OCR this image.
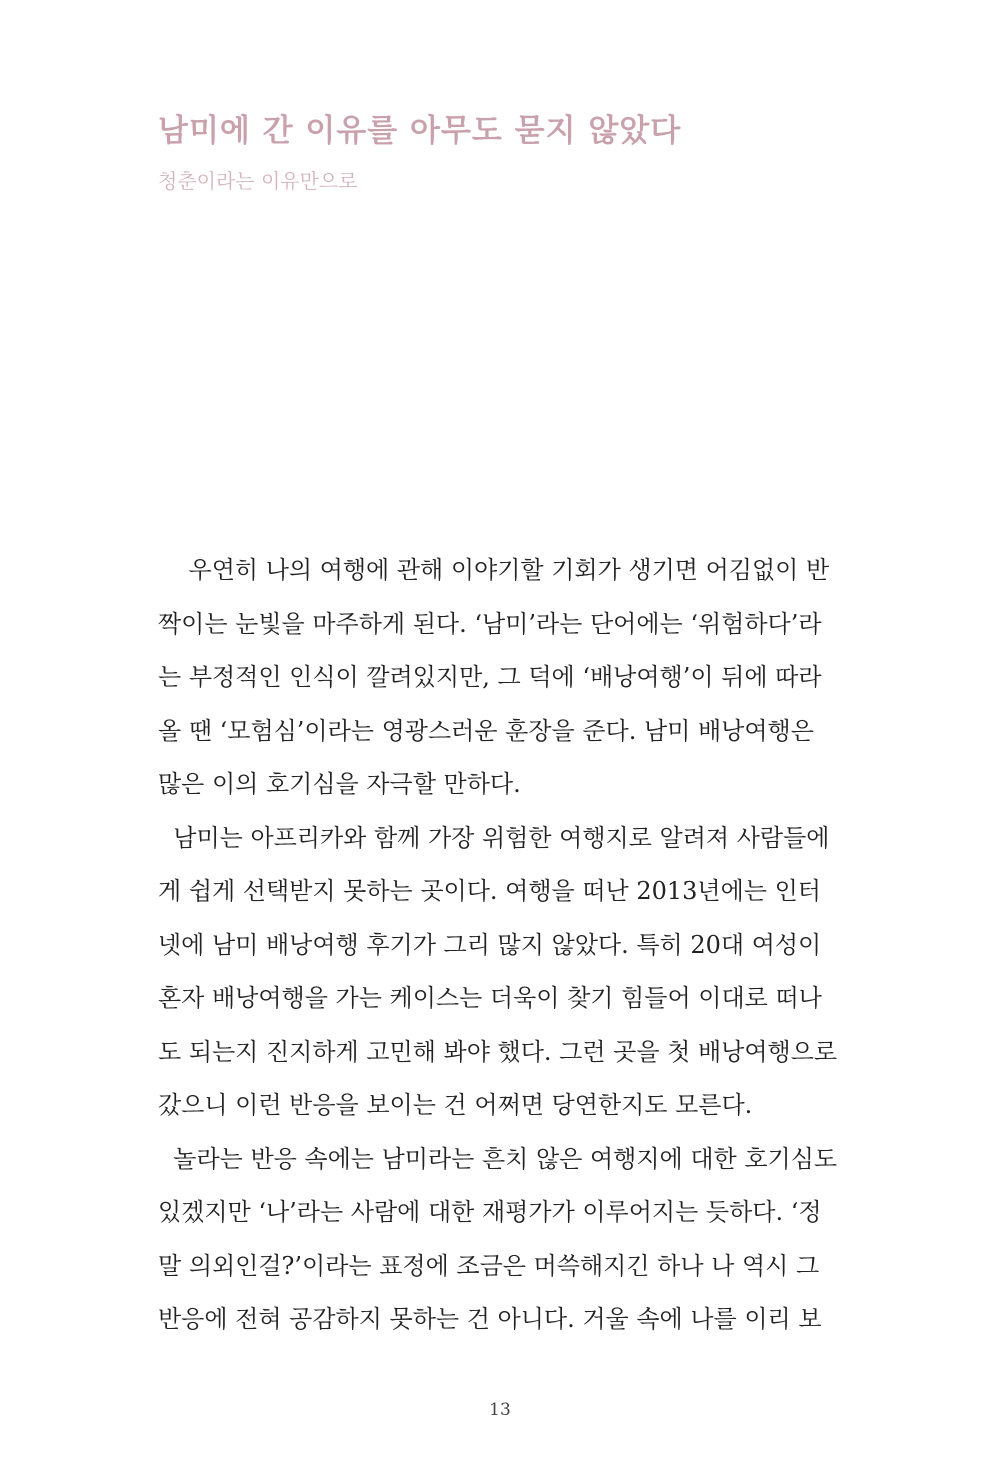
남미에 간 이유를 아무도 묻지 않았다

청춘이라는 이유만으로

우연히 나의 여행에 관해 이야기할 기회가 생기면 어김없이 반
짝이는 눈빛을 마주하게 된다. ‘남미’라는 단어에는 ‘위험하다’라
는 부정적인 인식이 깔려있지만, 그 덕에 ‘배낭여행’이 뒤에 따라
올 땐 ‘모험심’이라는 영광스러운 훈장을 준다. 남미 배낭여행은
많은 이의 호기심을 자극할 만하다.
남미는 아프리카와 함께 가장 위험한 여행지로 알려져 사람들에
게 쉽게 선택받지 못하는 곳이다. 여행을 떠난 2013년에는 인터
넷에 남미 배낭여행 후기가 그리 많지 않았다. 특히 20대 여성이
혼자 배낭여행을 가는 케이스는 더욱이 찾기 힘들어 이대로 떠나
도 되는지 진지하게 고민해 봐야 했다. 그런 곳을 첫 배낭여행으로
갔으니 이런 반응을 보이는 건 어쩌면 당연한지도 모른다.
놀라는 반응 속에는 남미라는 흔치 않은 여행지에 대한 호기심도
있겠지만 ‘나’라는 사람에 대한 재평가가 이루어지는 듯하다. ‘정
말 의외인걸?’이라는 표정에 조금은 머쓱해지긴 하나 나 역시 그
반응에 전혀 공감하지 못하는 건 아니다. 거울 속에 나를 이리 보
13
